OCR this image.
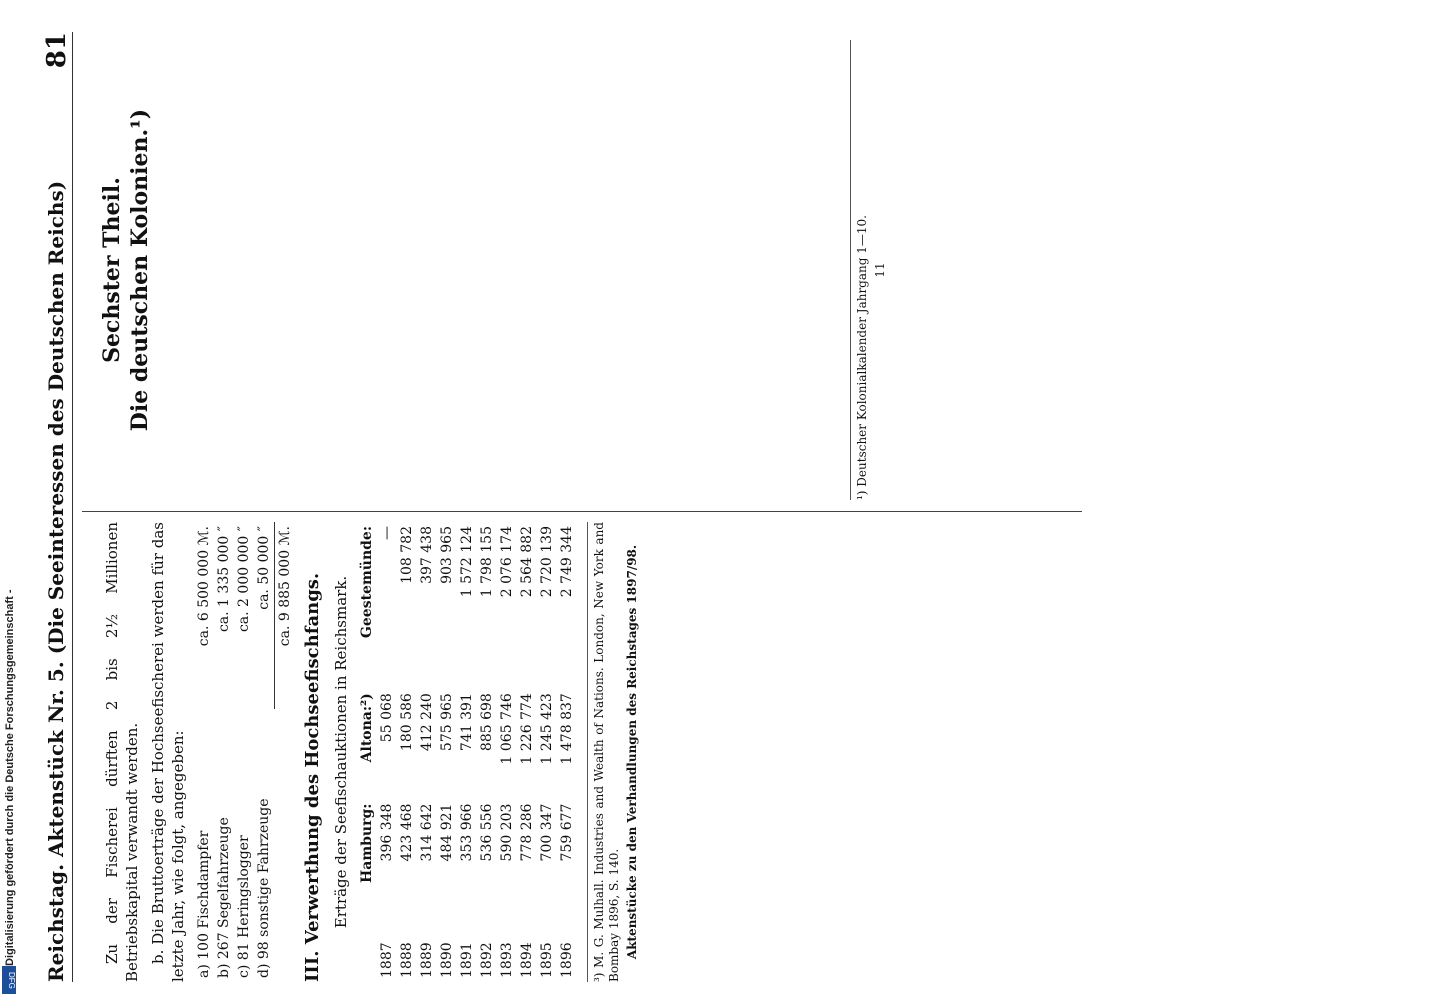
Digitalisierung gefördert durch die Deutsche Forschungsgemeinschaft -
DFG Reichstag. Aktenstück Nr. 5. (Die Seeinteressen des Deutschen Reichs)
81

Zu der Fischerei dürften 2 bis 2½ Millionen Betriebskapital verwandt werden. b. Die Bruttoerträge der Hochseefischerei werden für das letzte Jahr, wie folgt, angegeben: a) 100 Fischdampfer	ca. 6 500 000 ℳ.
b) 267 Segelfahrzeuge	ca. 1 335 000 ″
c) 81 Heringslogger	ca. 2 000 000 ″
d) 98 sonstige Fahrzeuge	ca. 50 000 ″
	ca. 9 885 000 ℳ. III. Verwerthung des Hochseefischfangs. Erträge der Seefischauktionen in Reichsmark.

	Hamburg:	Altona:²)	Geestemünde:
1887	396 348	55 068	—
1888	423 468	180 586	108 782
1889	314 642	412 240	397 438
1890	484 921	575 965	903 965
1891	353 966	741 391	1 572 124
1892	536 556	885 698	1 798 155
1893	590 203	1 065 746	2 076 174
1894	778 286	1 226 774	2 564 882
1895	700 347	1 245 423	2 720 139
1896	759 677	1 478 837	2 749 344 ³) M. G. Mulhall. Industries and Wealth of Nations. London, New York and Bombay 1896, S. 140. Aktenstücke zu den Verhandlungen des Reichstages 1897/98.

Sechster Theil. Die deutschen Kolonien.¹)	¹) Deutscher Kolonialkalender Jahrgang 1—10. 11
